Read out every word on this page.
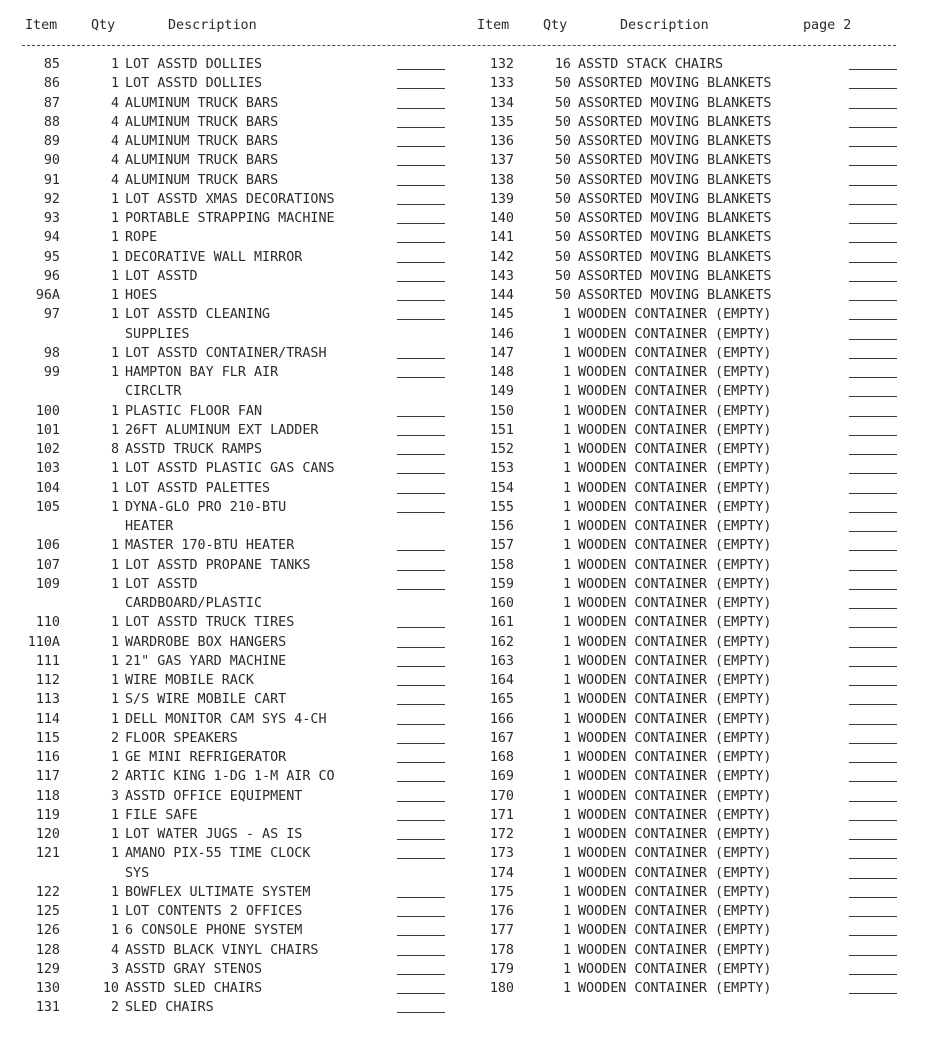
Item	Qty	Description	Item	Qty	Description	page 2
85	1 LOT ASSTD DOLLIES
86	1 LOT ASSTD DOLLIES
87	4 ALUMINUM TRUCK BARS
88	4 ALUMINUM TRUCK BARS
89	4 ALUMINUM TRUCK BARS
90	4 ALUMINUM TRUCK BARS
91	4 ALUMINUM TRUCK BARS
92	1 LOT ASSTD XMAS DECORATIONS
93	1 PORTABLE STRAPPING MACHINE
94	1 ROPE
95	1 DECORATIVE WALL MIRROR
96	1 LOT ASSTD
96A	1 HOES
97	1 LOT ASSTD CLEANING
SUPPLIES
98	1 LOT ASSTD CONTAINER/TRASH
99	1 HAMPTON BAY FLR AIR
CIRCLTR
100	1 PLASTIC FLOOR FAN
101	1 26FT ALUMINUM EXT LADDER
102	8 ASSTD TRUCK RAMPS
103	1 LOT ASSTD PLASTIC GAS CANS
104	1 LOT ASSTD PALETTES
105	1 DYNA-GLO PRO 210-BTU
HEATER
106	1 MASTER 170-BTU HEATER
107	1 LOT ASSTD PROPANE TANKS
109	1 LOT ASSTD
CARDBOARD/PLASTIC
110	1 LOT ASSTD TRUCK TIRES
110A	1 WARDROBE BOX HANGERS
111	1 21" GAS YARD MACHINE
112	1 WIRE MOBILE RACK
113	1 S/S WIRE MOBILE CART
114	1 DELL MONITOR CAM SYS 4-CH
115	2 FLOOR SPEAKERS
116	1 GE MINI REFRIGERATOR
117	2 ARTIC KING 1-DG 1-M AIR CO
118	3 ASSTD OFFICE EQUIPMENT
119	1 FILE SAFE
120	1 LOT WATER JUGS - AS IS
121	1 AMANO PIX-55 TIME CLOCK
SYS
122	1 BOWFLEX ULTIMATE SYSTEM
125	1 LOT CONTENTS 2 OFFICES
126	1 6 CONSOLE PHONE SYSTEM
128	4 ASSTD BLACK VINYL CHAIRS
129	3 ASSTD GRAY STENOS
130	10 ASSTD SLED CHAIRS
131	2 SLED CHAIRS
132	16 ASSTD STACK CHAIRS
133	50 ASSORTED MOVING BLANKETS
134	50 ASSORTED MOVING BLANKETS
135	50 ASSORTED MOVING BLANKETS
136	50 ASSORTED MOVING BLANKETS
137	50 ASSORTED MOVING BLANKETS
138	50 ASSORTED MOVING BLANKETS
139	50 ASSORTED MOVING BLANKETS
140	50 ASSORTED MOVING BLANKETS
141	50 ASSORTED MOVING BLANKETS
142	50 ASSORTED MOVING BLANKETS
143	50 ASSORTED MOVING BLANKETS
144	50 ASSORTED MOVING BLANKETS
145	1 WOODEN CONTAINER (EMPTY)
146	1 WOODEN CONTAINER (EMPTY)
147	1 WOODEN CONTAINER (EMPTY)
148	1 WOODEN CONTAINER (EMPTY)
149	1 WOODEN CONTAINER (EMPTY)
150	1 WOODEN CONTAINER (EMPTY)
151	1 WOODEN CONTAINER (EMPTY)
152	1 WOODEN CONTAINER (EMPTY)
153	1 WOODEN CONTAINER (EMPTY)
154	1 WOODEN CONTAINER (EMPTY)
155	1 WOODEN CONTAINER (EMPTY)
156	1 WOODEN CONTAINER (EMPTY)
157	1 WOODEN CONTAINER (EMPTY)
158	1 WOODEN CONTAINER (EMPTY)
159	1 WOODEN CONTAINER (EMPTY)
160	1 WOODEN CONTAINER (EMPTY)
161	1 WOODEN CONTAINER (EMPTY)
162	1 WOODEN CONTAINER (EMPTY)
163	1 WOODEN CONTAINER (EMPTY)
164	1 WOODEN CONTAINER (EMPTY)
165	1 WOODEN CONTAINER (EMPTY)
166	1 WOODEN CONTAINER (EMPTY)
167	1 WOODEN CONTAINER (EMPTY)
168	1 WOODEN CONTAINER (EMPTY)
169	1 WOODEN CONTAINER (EMPTY)
170	1 WOODEN CONTAINER (EMPTY)
171	1 WOODEN CONTAINER (EMPTY)
172	1 WOODEN CONTAINER (EMPTY)
173	1 WOODEN CONTAINER (EMPTY)
174	1 WOODEN CONTAINER (EMPTY)
175	1 WOODEN CONTAINER (EMPTY)
176	1 WOODEN CONTAINER (EMPTY)
177	1 WOODEN CONTAINER (EMPTY)
178	1 WOODEN CONTAINER (EMPTY)
179	1 WOODEN CONTAINER (EMPTY)
180	1 WOODEN CONTAINER (EMPTY)
